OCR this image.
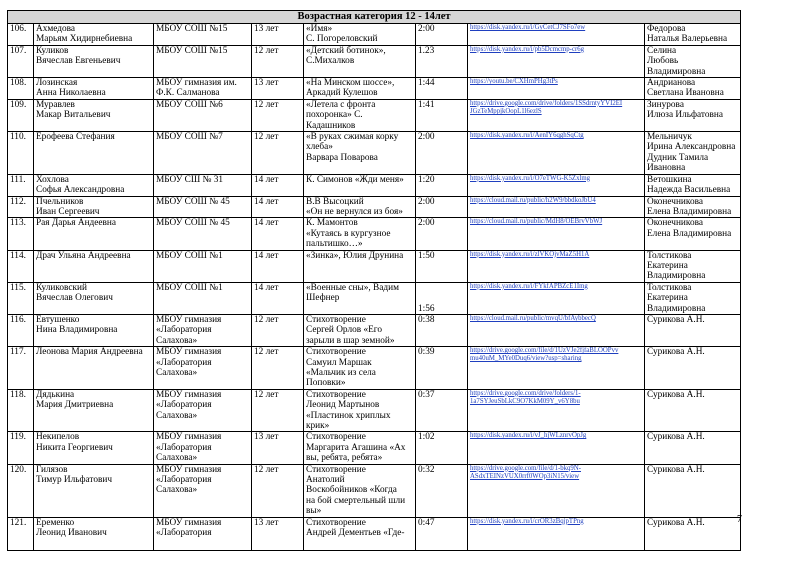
Возрастная категория 12 - 14лет							
106.	Ахмедова
Марьям Хидирнебиевна	МБОУ СОШ №15	13 лет	«Имя»
С. Погореловский	2:00	https://disk.yandex.ru/i/GyCetCJ7SFo7ew	Федорова
Наталья Валерьевна

107.	Куликов
Вячеслав Евгеньевич	МБОУ СОШ №15	12 лет	«Детский ботинок»,
С.Михалков	1.23	https://disk.yandex.ru/i/pb5Dcmcmp-cr6g	Селина
Любовь Владимировна

108.	Лозинская
Анна Николаевна	МБОУ гимназия им.
Ф.К. Салманова	13 лет	«На Минском шоссе»,
Аркадий Кулешов	1:44	https://youtu.be/CXHmPHg3tPs	Андрианова
Светлана Ивановна

109.	Муравлев
Макар Витальевич	МБОУ СОШ №6	12 лет	«Летела с фронта
похоронка» С.
Кадашников	1:41	https://drive.google.com/drive/folders/1SSdrntyYVI2EI
JGzTeMppjkOopL1l6ezlS	Зинурова
Илюза Ильфатовна

110.	Ерофеева Стефания	МБОУ СОШ №7	12 лет	«В руках сжимая корку
хлеба»
Варвара Поварова	2:00	https://disk.yandex.ru/i/AenIY6qghSqCtg	Мельничук
Ирина Александровна
Дудник Тамила Ивановна

111.	Хохлова
Софья Александровна	МБОУ СШ № 31	14 лет	К. Симонов «Жди меня»	1:20	https://disk.yandex.ru/i/O7eTWG-K5Zxlmg	Ветошкина
Надежда Васильевна

112.	Пчельников
Иван Сергеевич	МБОУ СОШ № 45	14 лет	В.В Высоцкий
«Он не вернулся из боя»	2:00	https://cloud.mail.ru/public/h2W9/bbdkoJbU4	Оконечникова
Елена Владимировна

113.	Рая Дарья Андеевна	МБОУ СОШ № 45	14 лет	К. Мамонтов
«Кутаясь в кургузное
пальтишко…»	2:00	https://cloud.mail.ru/public/MdH8/OEBrvVbWJ	Оконечникова
Елена Владимировна

114.	Драч Ульяна Андреевна	МБОУ СОШ №1	14 лет	«Зинка», Юлия Друнина	1:50	https://disk.yandex.ru/i/zlVKOjvMaZ5H1A	Толстикова
Екатерина Владимировна

115.	Куликовский
Вячеслав Олегович	МБОУ СОШ №1	14 лет	«Военные сны», Вадим
Шефнер	1:56	https://disk.yandex.ru/i/FYkfAPBZcE1Img	Толстикова
Екатерина Владимировна

116.	Евтушенко
Нина Владимировна	МБОУ гимназия
«Лаборатория
Салахова»	12 лет	Стихотворение
Сергей Орлов «Его
зарыли в шар земной»	0:38	https://cloud.mail.ru/public/mvqU/bfAybbecQ	Сурикова А.Н.

117.	Леонова Мария Андреевна	МБОУ гимназия
«Лаборатория
Салахова»	12 лет	Стихотворение
Самуил Маршак
«Мальчик из села
Поповки»	0:39	https://drive.google.com/file/d/1UzVJe2fjfaBLOOPvv
mu40uM_MYe0Duq6/view?usp=sharing	Сурикова А.Н.

118.	Дядькина
Мария Дмитриевна	МБОУ гимназия
«Лаборатория
Салахова»	12 лет	Стихотворение
Леонид Мартынов
«Пластинок хриплых
крик»	0:37	https://drive.google.com/drive/folders/1-
1a7SYJeuSbLkC9O7KkM09Y_v6Y8bu	Сурикова А.Н.

119.	Некипелов
Никита Георгиевич	МБОУ гимназия
«Лаборатория
Салахова»	13 лет	Стихотворение
Маргарита Агашина «Ах
вы, ребята, ребята»	1:02	https://disk.yandex.ru/i/vJ_hjWLznrvOpJg	Сурикова А.Н.

120.	Гилязов
Тимур Ильфатович	МБОУ гимназия
«Лаборатория
Салахова»	12 лет	Стихотворение
Анатолий
Воскобойников «Когда
на бой смертельный шли
вы»	0:32	https://drive.google.com/file/d/1-bkq9N-
ASdxTEINzVUX0rrf0WOp3iN15/view	Сурикова А.Н.

121.	Еременко
Леонид Иванович	МБОУ гимназия
«Лаборатория	13 лет	Стихотворение
Андрей Дементьев «Где-	0:47	https://disk.yandex.ru/i/crOR3zBqjpTPng	Сурикова А.Н.	7
